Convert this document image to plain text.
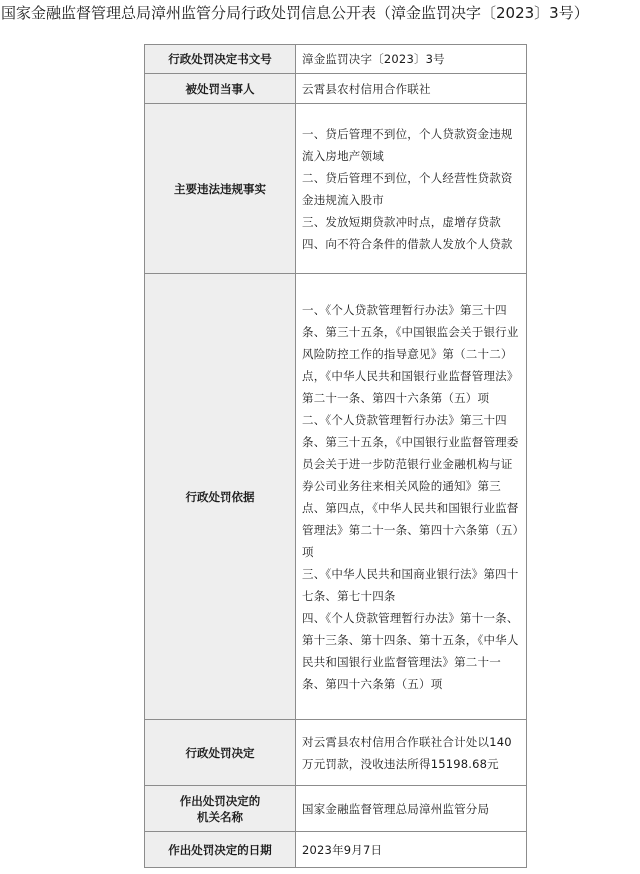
国家金融监督管理总局漳州监管分局行政处罚信息公开表（漳金监罚决字〔2023〕3号）
行政处罚决定书文号	漳金监罚决字〔2023〕3号
被处罚当事人	云霄县农村信用合作联社
主要违法违规事实	一、贷后管理不到位，个人贷款资金违规流入房地产领域
二、贷后管理不到位，个人经营性贷款资金违规流入股市
三、发放短期贷款冲时点，虚增存贷款
四、向不符合条件的借款人发放个人贷款

行政处罚依据	一、《个人贷款管理暂行办法》第三十四条、第三十五条，《中国银监会关于银行业风险防控工作的指导意见》第（二十二）点，《中华人民共和国银行业监督管理法》第二十一条、第四十六条第（五）项
二、《个人贷款管理暂行办法》第三十四条、第三十五条，《中国银行业监督管理委员会关于进一步防范银行业金融机构与证券公司业务往来相关风险的通知》第三点、第四点，《中华人民共和国银行业监督管理法》第二十一条、第四十六条第（五）项
三、《中华人民共和国商业银行法》第四十七条、第七十四条
四、《个人贷款管理暂行办法》第十一条、第十三条、第十四条、第十五条，《中华人民共和国银行业监督管理法》第二十一条、第四十六条第（五）项

行政处罚决定	对云霄县农村信用合作联社合计处以140万元罚款，没收违法所得15198.68元

作出处罚决定的
机关名称	国家金融监督管理总局漳州监管分局
作出处罚决定的日期	2023年9月7日
